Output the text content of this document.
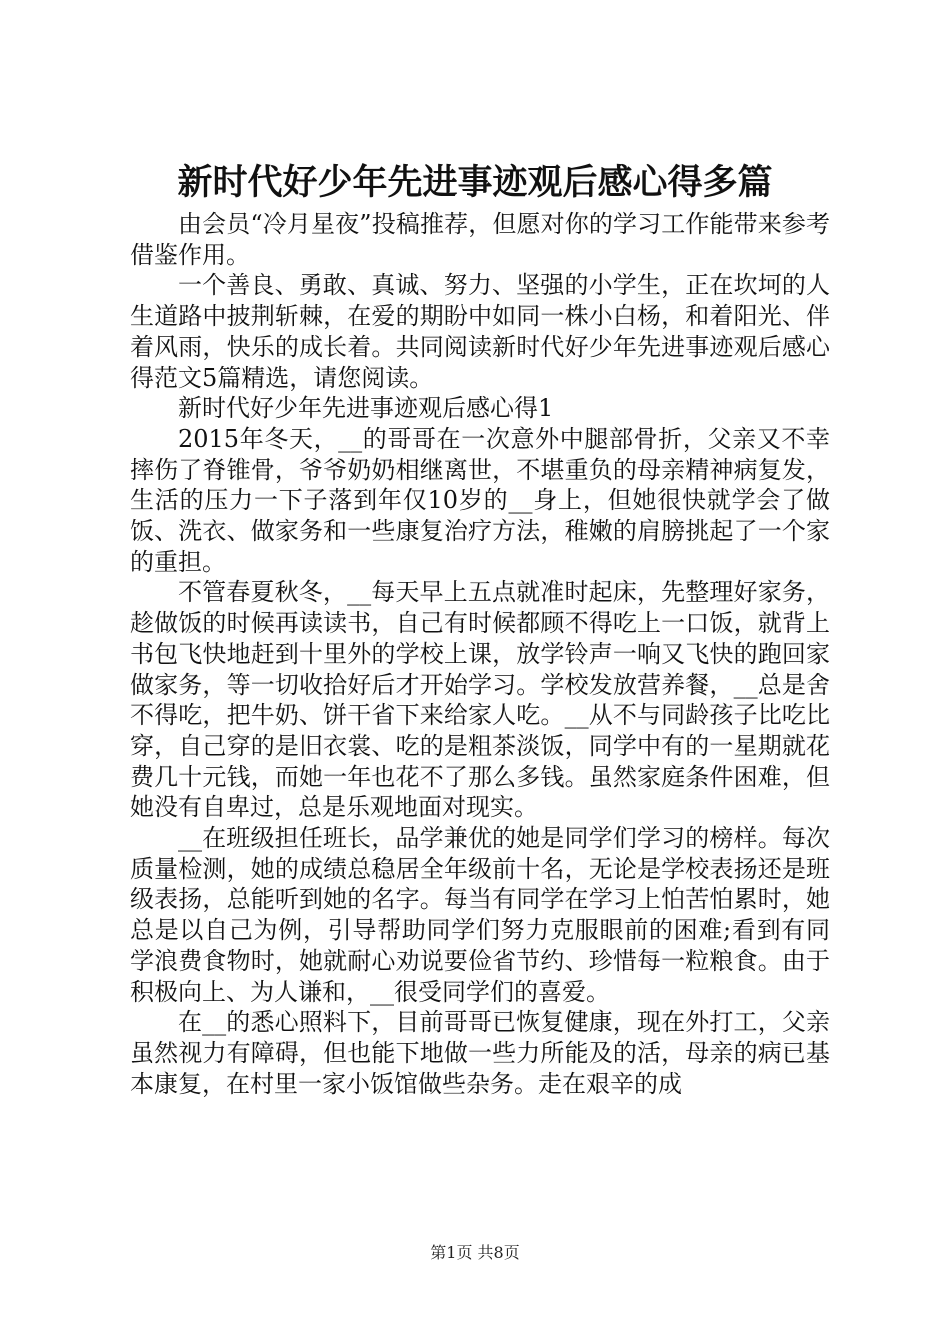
新时代好少年先进事迹观后感心得多篇

由会员“冷月星夜”投稿推荐，但愿对你的学习工作能带来参考借鉴作用。

一个善良、勇敢、真诚、努力、坚强的小学生，正在坎坷的人生道路中披荆斩棘，在爱的期盼中如同一株小白杨，和着阳光、伴着风雨，快乐的成长着。共同阅读新时代好少年先进事迹观后感心得范文5篇精选，请您阅读。

新时代好少年先进事迹观后感心得1

2015年冬天，__的哥哥在一次意外中腿部骨折，父亲又不幸摔伤了脊锥骨，爷爷奶奶相继离世，不堪重负的母亲精神病复发，生活的压力一下子落到年仅10岁的__身上，但她很快就学会了做饭、洗衣、做家务和一些康复治疗方法，稚嫩的肩膀挑起了一个家的重担。

不管春夏秋冬，__每天早上五点就准时起床，先整理好家务，趁做饭的时候再读读书，自己有时候都顾不得吃上一口饭，就背上书包飞快地赶到十里外的学校上课，放学铃声一响又飞快的跑回家做家务，等一切收拾好后才开始学习。学校发放营养餐，__总是舍不得吃，把牛奶、饼干省下来给家人吃。__从不与同龄孩子比吃比穿，自己穿的是旧衣裳、吃的是粗茶淡饭，同学中有的一星期就花费几十元钱，而她一年也花不了那么多钱。虽然家庭条件困难，但她没有自卑过，总是乐观地面对现实。

__在班级担任班长，品学兼优的她是同学们学习的榜样。每次质量检测，她的成绩总稳居全年级前十名，无论是学校表扬还是班级表扬，总能听到她的名字。每当有同学在学习上怕苦怕累时，她总是以自己为例，引导帮助同学们努力克服眼前的困难;看到有同学浪费食物时，她就耐心劝说要俭省节约、珍惜每一粒粮食。由于积极向上、为人谦和，__很受同学们的喜爱。

在__的悉心照料下，目前哥哥已恢复健康，现在外打工，父亲虽然视力有障碍，但也能下地做一些力所能及的活，母亲的病已基本康复，在村里一家小饭馆做些杂务。走在艰辛的成

第1页 共8页
